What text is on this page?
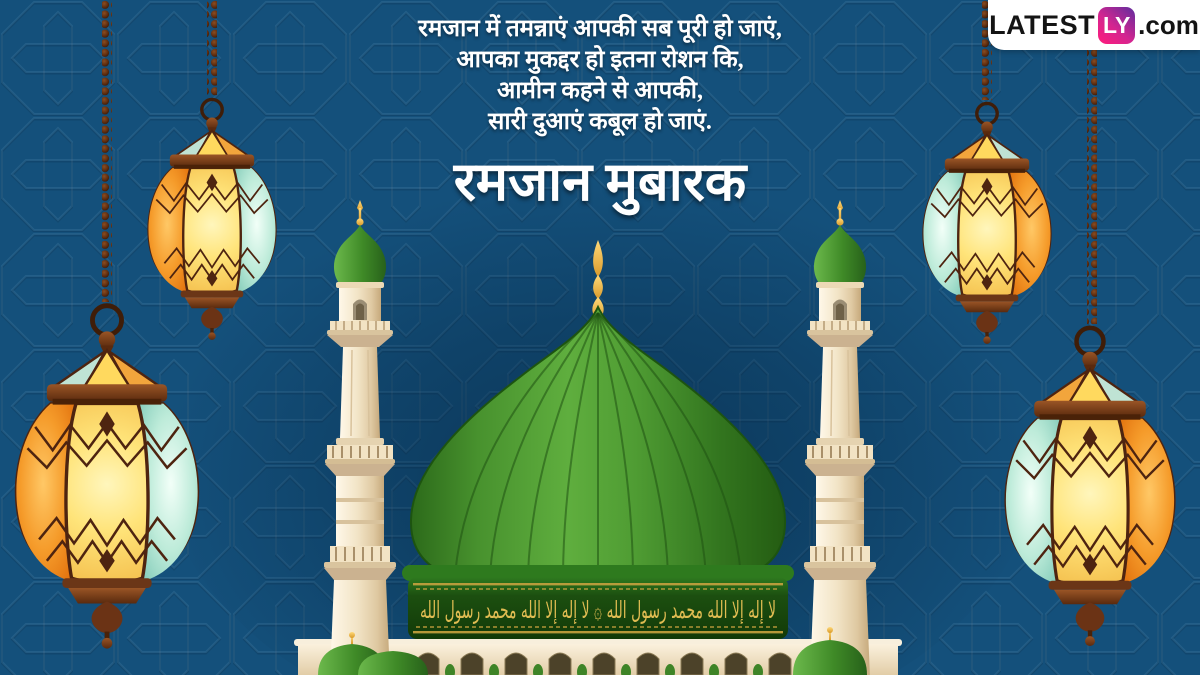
لا إله إلا الله محمد رسول الله ۞ لا إله إلا الله محمد رسول الله
रमजान में तमन्नाएं आपकी सब पूरी हो जाएं,
आपका मुकद्दर हो इतना रोशन कि,
आमीन कहने से आपकी,
सारी दुआएं कबूल हो जाएं.
रमजान मुबारक
LATEST LY .com
